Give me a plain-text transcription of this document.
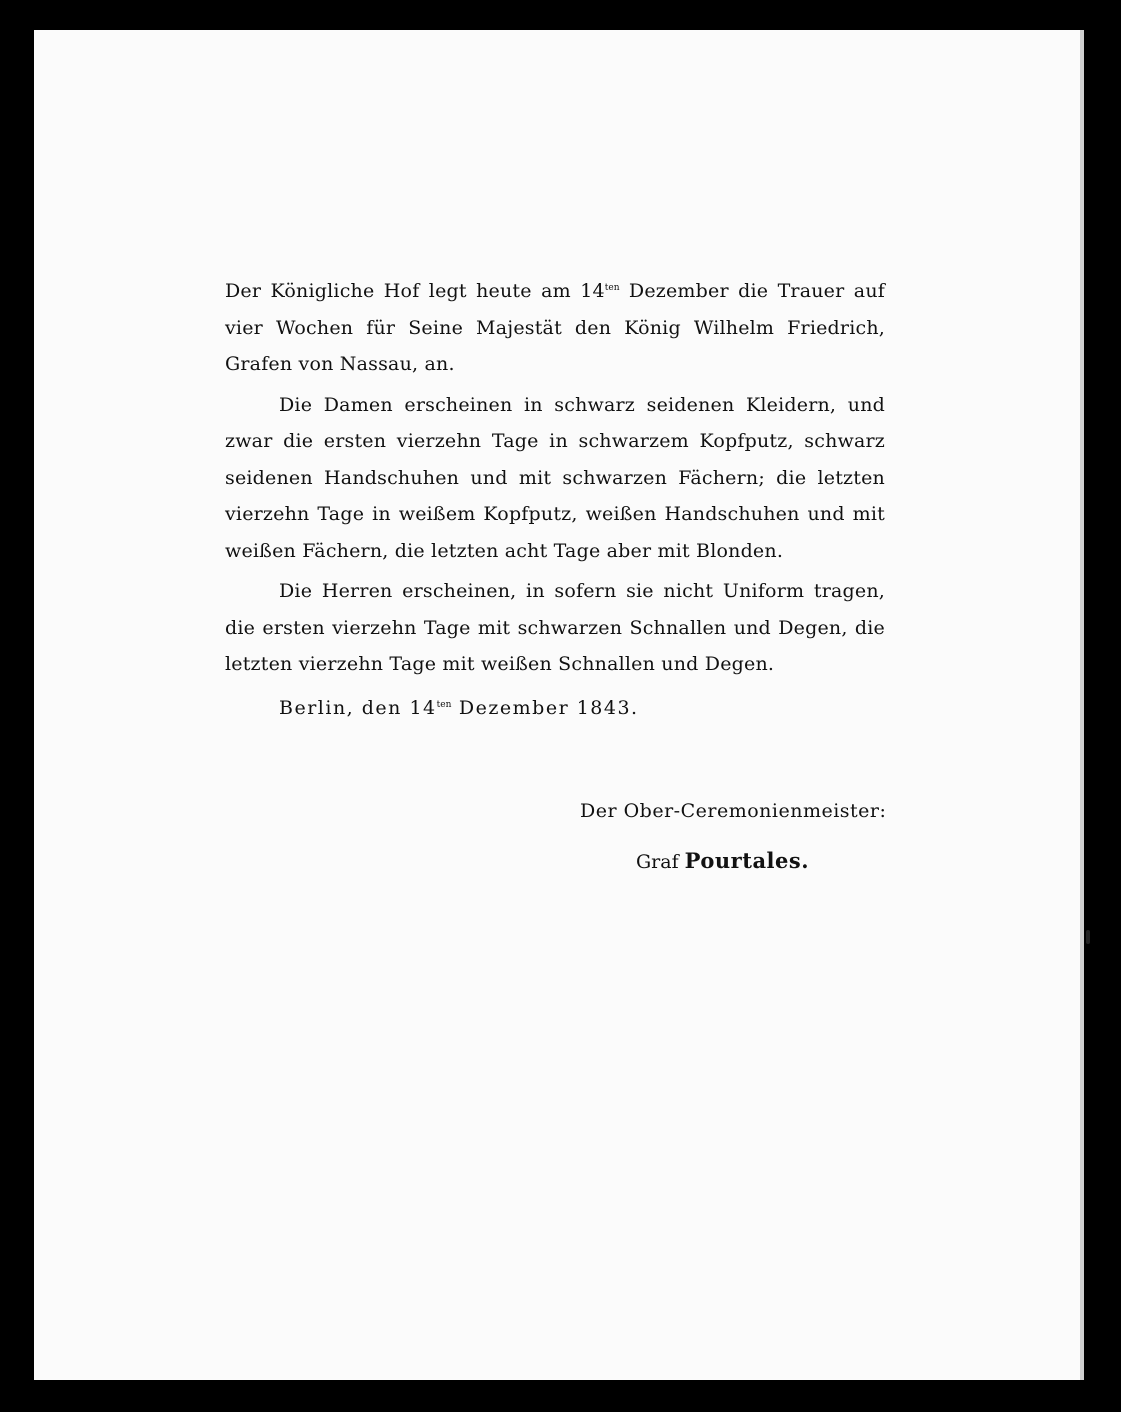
Der Königliche Hof legt heute am $14^{ten}$ Dezember die Trauer auf vier Wochen für Seine Majestät den König Wilhelm Friedrich, Grafen von Nassau, an.

Die Damen erscheinen in schwarz seidenen Kleidern, und zwar die ersten vierzehn Tage in schwarzem Kopfputz, schwarz seidenen Handschuhen und mit schwarzen Fächern; die letzten vierzehn Tage in weißem Kopfputz, weißen Handschuhen und mit weißen Fächern, die letzten acht Tage aber mit Blonden.

Die Herren erscheinen, in sofern sie nicht Uniform tragen, die ersten vierzehn Tage mit schwarzen Schnallen und Degen, die letzten vierzehn Tage mit weißen Schnallen und Degen.

Berlin, den $14^{ten}$ Dezember 1843.

Der Ober-Ceremonienmeister:
Graf Pourtales.
